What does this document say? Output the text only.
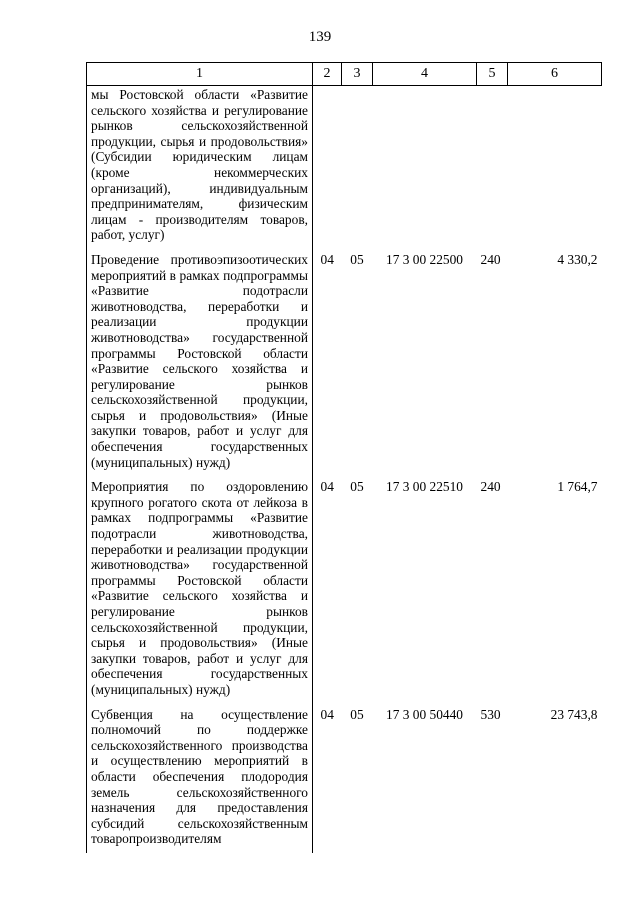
139
1	2	3	4	5	6
мы Ростовской области «Развитие сельского хозяйства и регулирование рынков сельскохозяйственной продукции, сырья и продовольствия» (Субсидии юридическим лицам (кроме некоммерческих организаций), индивидуальным предпринимателям, физическим лицам - производителям товаров, работ, услуг)					
Проведение противоэпизоотических мероприятий в рамках подпрограммы «Развитие подотрасли животноводства, переработки и реализации продукции животноводства» государственной программы Ростовской области «Развитие сельского хозяйства и регулирование рынков сельскохозяйственной продукции, сырья и продовольствия» (Иные закупки товаров, работ и услуг для обеспечения государственных (муниципальных) нужд)	04	05	17 3 00 22500	240	4 330,2
Мероприятия по оздоровлению крупного рогатого скота от лейкоза в рамках подпрограммы «Развитие подотрасли животноводства, переработки и реализации продукции животноводства» государственной программы Ростовской области «Развитие сельского хозяйства и регулирование рынков сельскохозяйственной продукции, сырья и продовольствия» (Иные закупки товаров, работ и услуг для обеспечения государственных (муниципальных) нужд)	04	05	17 3 00 22510	240	1 764,7
Субвенция на осуществление полномочий по поддержке сельскохозяйственного производства и осуществлению мероприятий в области обеспечения плодородия земель сельскохозяйственного назначения для предоставления субсидий сельскохозяйственным товаропроизводителям	04	05	17 3 00 50440	530	23 743,8
